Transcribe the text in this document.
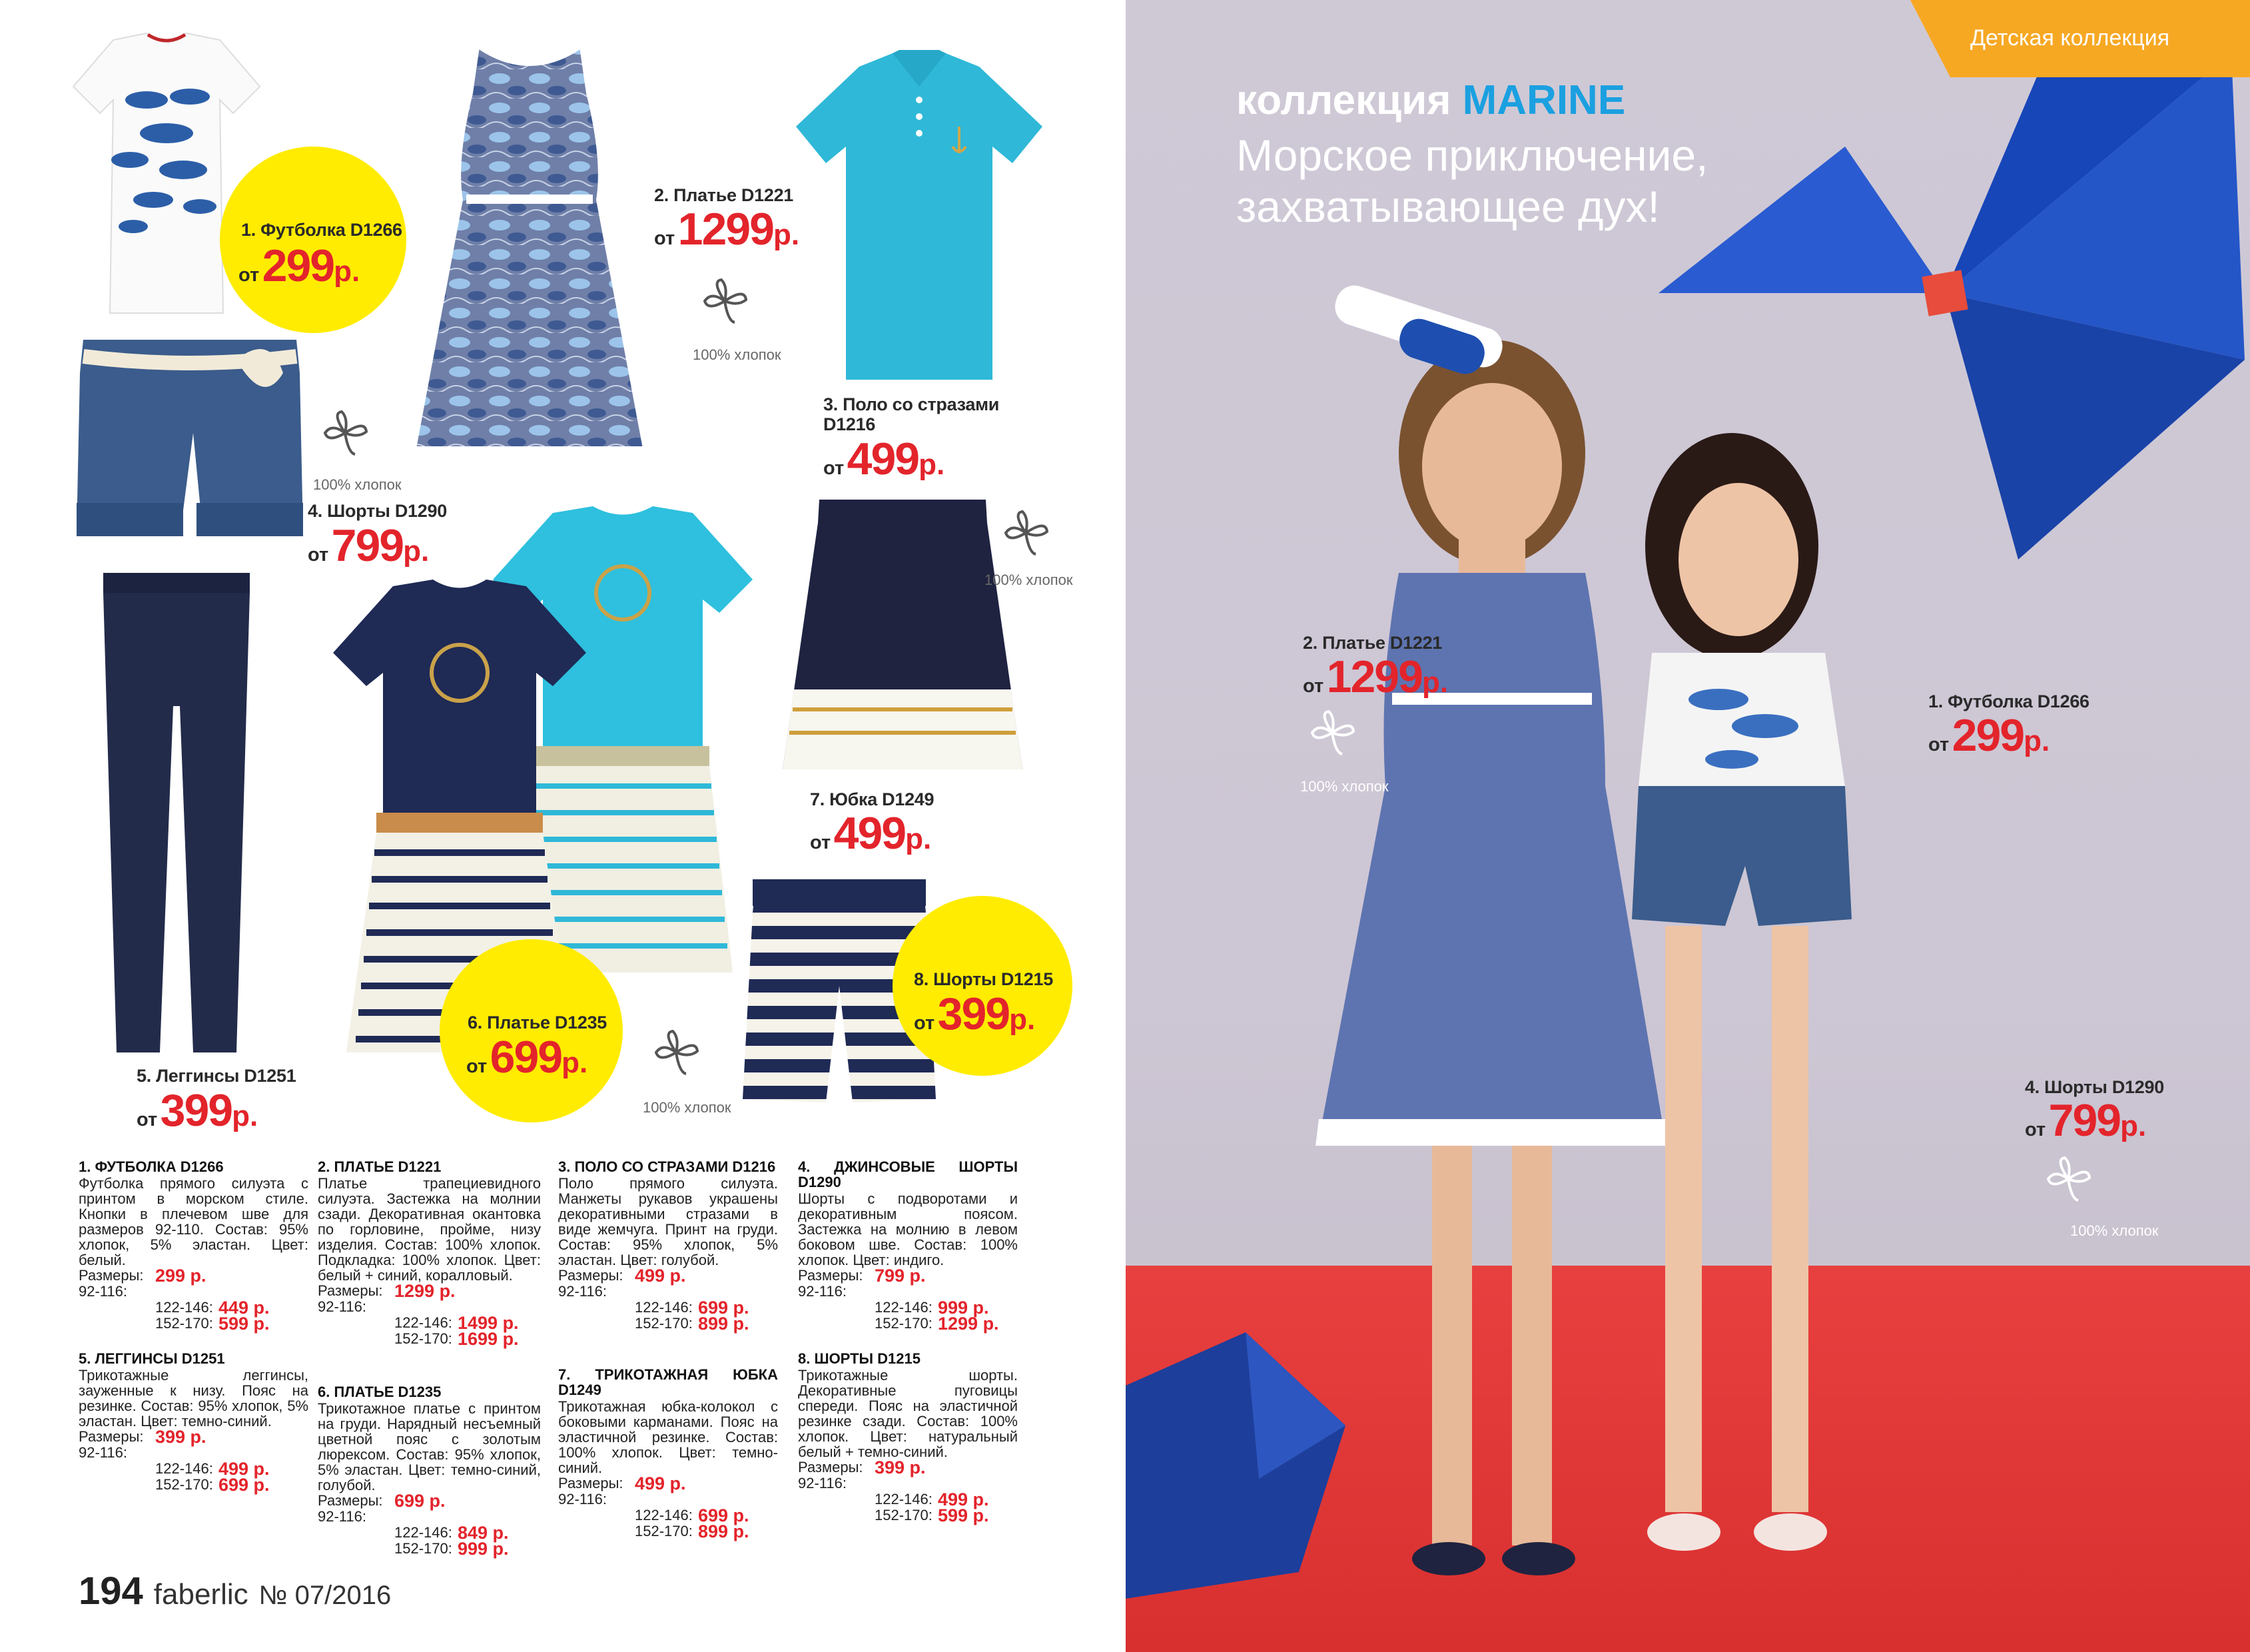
1. Футболка D1266
от 299р.
2. Платье D1221
от 1299р.
100% хлопок
3. Поло со стразами
D1216
от 499р.
100% хлопок
4. Шорты D1290
от 799р.
5. Леггинсы D1251
от 399р.
6. Платье D1235
от 699р.
100% хлопок
100% хлопок
7. Юбка D1249
от 499р.
8. Шорты D1215
от 399р.
1. ФУТБОЛКА D1266

Футболка прямого силуэта с принтом в морском стиле. Кнопки в плечевом шве для размеров 92-110. Состав: 95% хлопок, 5% эластан. Цвет: белый.

Размеры: 92-116:
299 р.
122-146: 449 р.
152-170: 599 р.
5. ЛЕГГИНСЫ D1251

Трикотажные леггинсы, зауженные к низу. Пояс на резинке. Состав: 95% хлопок, 5% эластан. Цвет: темно-синий.

Размеры: 92-116:
399 р.
122-146: 499 р.
152-170: 699 р.
2. ПЛАТЬЕ D1221

Платье трапециевидного силуэта. Застежка на молнии сзади. Декоративная окантовка по горловине, пройме, низу изделия. Состав: 100% хлопок. Подкладка: 100% хлопок. Цвет: белый + синий, коралловый.

Размеры: 92-116:
1299 р.
122-146: 1499 р.
152-170: 1699 р.
6. ПЛАТЬЕ D1235

Трикотажное платье с принтом на груди. Нарядный несъемный цветной пояс с золотым люрексом. Состав: 95% хлопок, 5% эластан. Цвет: темно-синий, голубой.

Размеры: 92-116:
699 р.
122-146: 849 р.
152-170: 999 р.
3. ПОЛО СО СТРАЗАМИ D1216

Поло прямого силуэта. Манжеты рукавов украшены декоративными стразами в виде жемчуга. Принт на груди. Состав: 95% хлопок, 5% эластан. Цвет: голубой.

Размеры: 92-116:
499 р.
122-146: 699 р.
152-170: 899 р.
7. ТРИКОТАЖНАЯ ЮБКА D1249

Трикотажная юбка-колокол с боковыми карманами. Пояс на эластичной резинке. Состав: 100% хлопок. Цвет: темно-синий.

Размеры: 92-116:
499 р.
122-146: 699 р.
152-170: 899 р.
4. ДЖИНСОВЫЕ ШОРТЫ D1290

Шорты с подворотами и декоративным поясом. Застежка на молнию в левом боковом шве. Состав: 100% хлопок. Цвет: индиго.

Размеры: 92-116:
799 р.
122-146: 999 р.
152-170: 1299 р.
8. ШОРТЫ D1215

Трикотажные шорты. Декоративные пуговицы спереди. Пояс на эластичной резинке сзади. Состав: 100% хлопок. Цвет: натуральный белый + темно-синий.

Размеры: 92-116:
399 р.
122-146: 499 р.
152-170: 599 р.
194 faberlic № 07/2016
Детская коллекция
коллекция MARINE
Морское приключение,
захватывающее дух!
2. Платье D1221
от 1299р.
100% хлопок
1. Футболка D1266
от 299р.
4. Шорты D1290
от 799р.
100% хлопок
